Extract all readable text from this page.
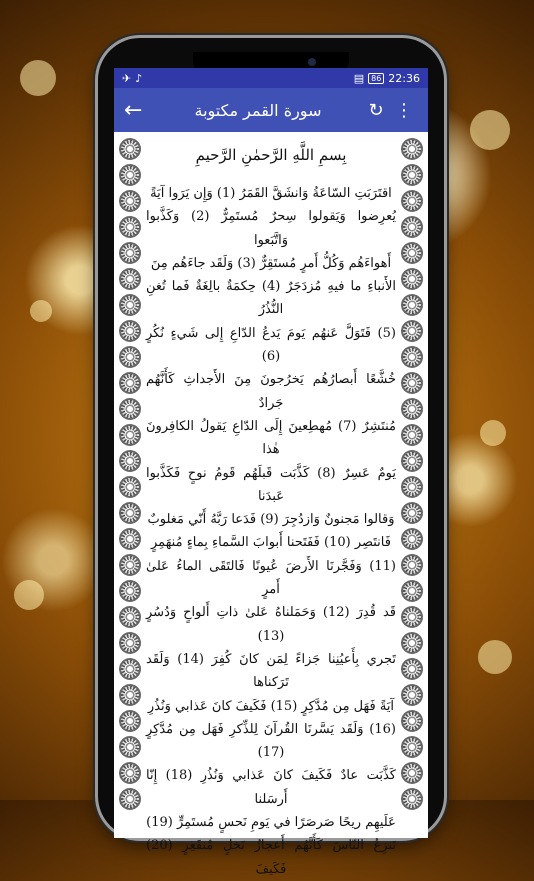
✈ ♪	▤ 86 22:36
←	سورة القمر مكتوبة	↻ ⋮
بِسمِ اللَّهِ الرَّحمٰنِ الرَّحيمِ
اقتَرَبَتِ السّاعَةُ وَانشَقَّ القَمَرُ (1) وَإِن يَرَوا آيَةً
يُعرِضوا وَيَقولوا سِحرٌ مُستَمِرٌّ (2) وَكَذَّبوا وَاتَّبَعوا
أَهواءَهُم وَكُلُّ أَمرٍ مُستَقِرٌّ (3) وَلَقَد جاءَهُم مِنَ
الأَنباءِ ما فيهِ مُزدَجَرٌ (4) حِكمَةٌ بالِغَةٌ فَما تُغنِ النُّذُرُ
(5) فَتَوَلَّ عَنهُم يَومَ يَدعُ الدّاعِ إِلى شَيءٍ نُكُرٍ (6)
خُشَّعًا أَبصارُهُم يَخرُجونَ مِنَ الأَجداثِ كَأَنَّهُم جَرادٌ
مُنتَشِرٌ (7) مُهطِعينَ إِلَى الدّاعِ يَقولُ الكافِرونَ هٰذا
يَومٌ عَسِرٌ (8) كَذَّبَت قَبلَهُم قَومُ نوحٍ فَكَذَّبوا عَبدَنا
وَقالوا مَجنونٌ وَازدُجِرَ (9) فَدَعا رَبَّهُ أَنّي مَغلوبٌ
فَانتَصِر (10) فَفَتَحنا أَبوابَ السَّماءِ بِماءٍ مُنهَمِرٍ
(11) وَفَجَّرنَا الأَرضَ عُيونًا فَالتَقَى الماءُ عَلىٰ أَمرٍ
قَد قُدِرَ (12) وَحَمَلناهُ عَلىٰ ذاتِ أَلواحٍ وَدُسُرٍ (13)
تَجري بِأَعيُنِنا جَزاءً لِمَن كانَ كُفِرَ (14) وَلَقَد تَرَكناها
آيَةً فَهَل مِن مُدَّكِرٍ (15) فَكَيفَ كانَ عَذابي وَنُذُرِ
(16) وَلَقَد يَسَّرنَا القُرآنَ لِلذِّكرِ فَهَل مِن مُدَّكِرٍ (17)
كَذَّبَت عادٌ فَكَيفَ كانَ عَذابي وَنُذُرِ (18) إِنّا أَرسَلنا
عَلَيهِم ريحًا صَرصَرًا في يَومِ نَحسٍ مُستَمِرٍّ (19)
تَنزِعُ النّاسَ كَأَنَّهُم أَعجازُ نَخلٍ مُنقَعِرٍ (20) فَكَيفَ
